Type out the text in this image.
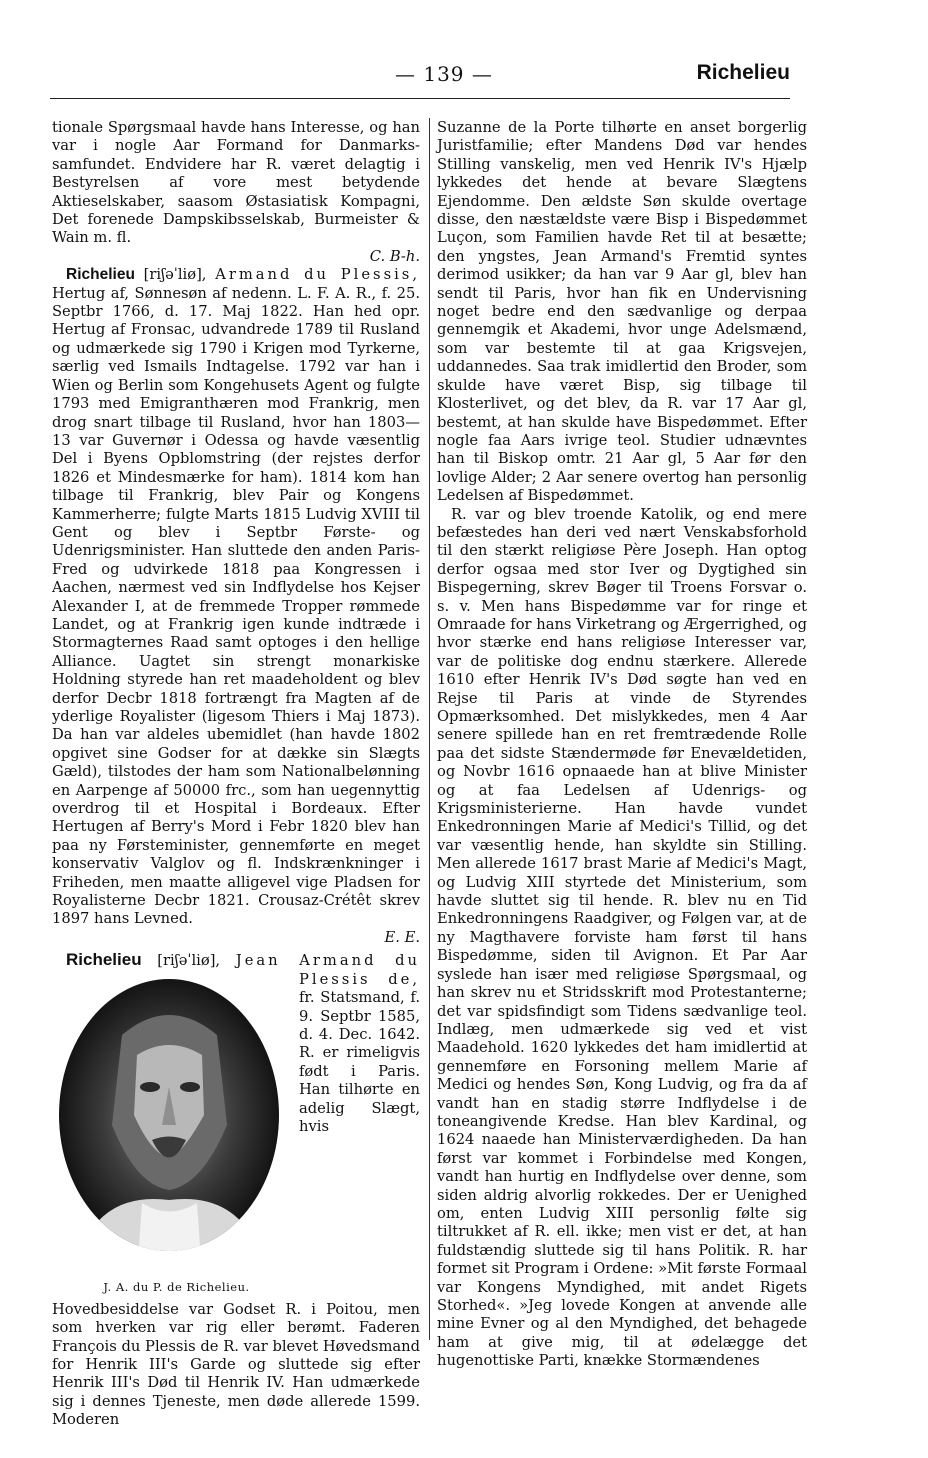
— 139 —	Richelieu

tionale Spørgsmaal havde hans Interesse, og han var i nogle Aar Formand for Danmarks-samfundet. Endvidere har R. været delagtig i Bestyrelsen af vore mest betydende Aktieselskaber, saasom Østasiatisk Kompagni, Det forenede Dampskibsselskab, Burmeister & Wain m. fl.

C. B-h.

Richelieu [riʃəˈliø], Armand du Plessis, Hertug af, Sønnesøn af nedenn. L. F. A. R., f. 25. Septbr 1766, d. 17. Maj 1822. Han hed opr. Hertug af Fronsac, udvandrede 1789 til Rusland og udmærkede sig 1790 i Krigen mod Tyrkerne, særlig ved Ismails Indtagelse. 1792 var han i Wien og Berlin som Kongehusets Agent og fulgte 1793 med Emigranthæren mod Frankrig, men drog snart tilbage til Rusland, hvor han 1803—13 var Guvernør i Odessa og havde væsentlig Del i Byens Opblomstring (der rejstes derfor 1826 et Mindesmærke for ham). 1814 kom han tilbage til Frankrig, blev Pair og Kongens Kammerherre; fulgte Marts 1815 Ludvig XVIII til Gent og blev i Septbr Første- og Udenrigsminister. Han sluttede den anden Paris-Fred og udvirkede 1818 paa Kongressen i Aachen, nærmest ved sin Indflydelse hos Kejser Alexander I, at de fremmede Tropper rømmede Landet, og at Frankrig igen kunde indtræde i Stormagternes Raad samt optoges i den hellige Alliance. Uagtet sin strengt monarkiske Holdning styrede han ret maadeholdent og blev derfor Decbr 1818 fortrængt fra Magten af de yderlige Royalister (ligesom Thiers i Maj 1873). Da han var aldeles ubemidlet (han havde 1802 opgivet sine Godser for at dække sin Slægts Gæld), tilstodes der ham som Nationalbelønning en Aarpenge af 50000 frc., som han uegennyttig overdrog til et Hospital i Bordeaux. Efter Hertugen af Berry's Mord i Febr 1820 blev han paa ny Førsteminister, gennemførte en meget konservativ Valglov og fl. Indskrænkninger i Friheden, men maatte alligevel vige Pladsen for Royalisterne Decbr 1821. Crousaz-Crétêt skrev 1897 hans Levned.

E. E.

Richelieu [riʃəˈliø], Jean Armand du Plessis de,
J. A. du P. de Richelieu.
fr. Statsmand, f. 9. Septbr 1585, d. 4. Dec. 1642. R. er rimeligvis født i Paris. Han tilhørte en adelig Slægt, hvis Hovedbesiddelse var Godset R. i Poitou, men som hverken var rig eller berømt. Faderen François du Plessis de R. var blevet Høvedsmand for Henrik III's Garde og sluttede sig efter Henrik III's Død til Henrik IV. Han udmærkede sig i dennes Tjeneste, men døde allerede 1599. Moderen

Suzanne de la Porte tilhørte en anset borgerlig Juristfamilie; efter Mandens Død var hendes Stilling vanskelig, men ved Henrik IV's Hjælp lykkedes det hende at bevare Slægtens Ejendomme. Den ældste Søn skulde overtage disse, den næstældste være Bisp i Bispedømmet Luçon, som Familien havde Ret til at besætte; den yngstes, Jean Armand's Fremtid syntes derimod usikker; da han var 9 Aar gl, blev han sendt til Paris, hvor han fik en Undervisning noget bedre end den sædvanlige og derpaa gennemgik et Akademi, hvor unge Adelsmænd, som var bestemte til at gaa Krigsvejen, uddannedes. Saa trak imidlertid den Broder, som skulde have været Bisp, sig tilbage til Klosterlivet, og det blev, da R. var 17 Aar gl, bestemt, at han skulde have Bispedømmet. Efter nogle faa Aars ivrige teol. Studier udnævntes han til Biskop omtr. 21 Aar gl, 5 Aar før den lovlige Alder; 2 Aar senere overtog han personlig Ledelsen af Bispedømmet.

R. var og blev troende Katolik, og end mere befæstedes han deri ved nært Venskabsforhold til den stærkt religiøse Père Joseph. Han optog derfor ogsaa med stor Iver og Dygtighed sin Bispegerning, skrev Bøger til Troens Forsvar o. s. v. Men hans Bispedømme var for ringe et Omraade for hans Virketrang og Ærgerrighed, og hvor stærke end hans religiøse Interesser var, var de politiske dog endnu stærkere. Allerede 1610 efter Henrik IV's Død søgte han ved en Rejse til Paris at vinde de Styrendes Opmærksomhed. Det mislykkedes, men 4 Aar senere spillede han en ret fremtrædende Rolle paa det sidste Stændermøde før Enevældetiden, og Novbr 1616 opnaaede han at blive Minister og at faa Ledelsen af Udenrigs- og Krigsministerierne. Han havde vundet Enkedronningen Marie af Medici's Tillid, og det var væsentlig hende, han skyldte sin Stilling. Men allerede 1617 brast Marie af Medici's Magt, og Ludvig XIII styrtede det Ministerium, som havde sluttet sig til hende. R. blev nu en Tid Enkedronningens Raadgiver, og Følgen var, at de ny Magthavere forviste ham først til hans Bispedømme, siden til Avignon. Et Par Aar syslede han især med religiøse Spørgsmaal, og han skrev nu et Stridsskrift mod Protestanterne; det var spidsfindigt som Tidens sædvanlige teol. Indlæg, men udmærkede sig ved et vist Maadehold. 1620 lykkedes det ham imidlertid at gennemføre en Forsoning mellem Marie af Medici og hendes Søn, Kong Ludvig, og fra da af vandt han en stadig større Indflydelse i de toneangivende Kredse. Han blev Kardinal, og 1624 naaede han Ministerværdigheden. Da han først var kommet i Forbindelse med Kongen, vandt han hurtig en Indflydelse over denne, som siden aldrig alvorlig rokkedes. Der er Uenighed om, enten Ludvig XIII personlig følte sig tiltrukket af R. ell. ikke; men vist er det, at han fuldstændig sluttede sig til hans Politik. R. har formet sit Program i Ordene: »Mit første Formaal var Kongens Myndighed, mit andet Rigets Storhed«. »Jeg lovede Kongen at anvende alle mine Evner og al den Myndighed, det behagede ham at give mig, til at ødelægge det hugenottiske Parti, knække Stormændenes
